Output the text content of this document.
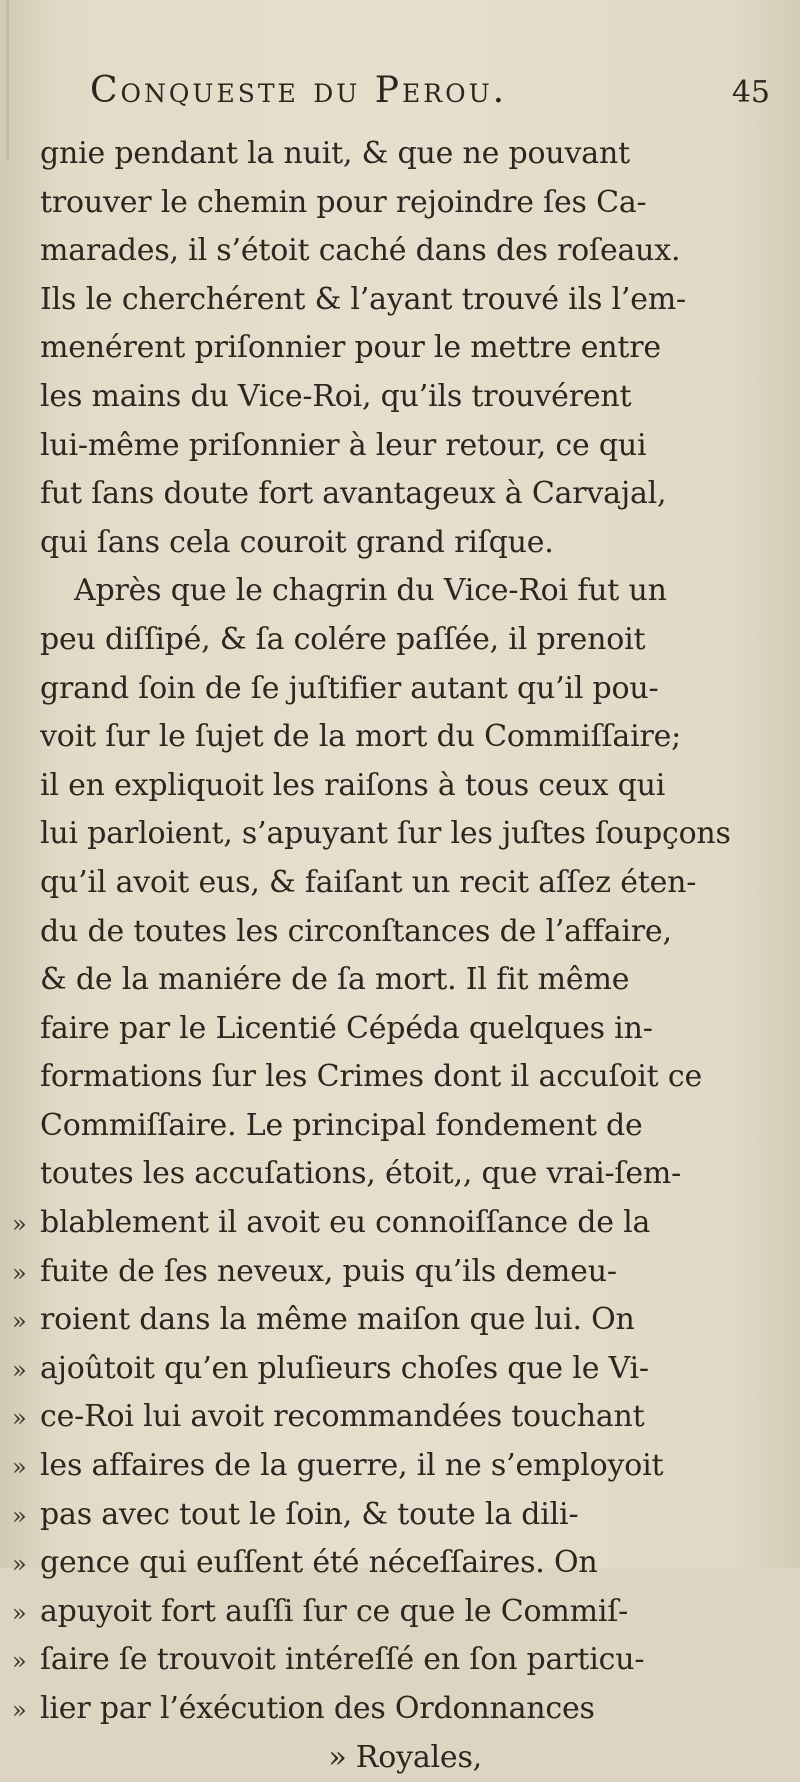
Conqueste du Perou.	45
gnie pendant la nuit, & que ne pouvant
trouver le chemin pour rejoindre ſes Ca-
marades, il s’étoit caché dans des roſeaux.
Ils le cherchérent & l’ayant trouvé ils l’em-
menérent priſonnier pour le mettre entre
les mains du Vice-Roi, qu’ils trouvérent
lui-même priſonnier à leur retour, ce qui
fut ſans doute fort avantageux à Carvajal,
qui ſans cela couroit grand riſque.
Après que le chagrin du Vice-Roi fut un
peu diſſipé, & ſa colére paſſée, il prenoit
grand ſoin de ſe juſtifier autant qu’il pou-
voit ſur le ſujet de la mort du Commiſſaire;
il en expliquoit les raiſons à tous ceux qui
lui parloient, s’apuyant ſur les juſtes ſoupçons
qu’il avoit eus, & faiſant un recit aſſez éten-
du de toutes les circonſtances de l’affaire,
& de la maniére de ſa mort. Il fit même
faire par le Licentié Cépéda quelques in-
formations ſur les Crimes dont il accuſoit ce
Commiſſaire. Le principal fondement de
toutes les accuſations, étoit,, que vrai-ſem-
» blablement il avoit eu connoiſſance de la
» fuite de ſes neveux, puis qu’ils demeu-
» roient dans la même maiſon que lui. On
» ajoûtoit qu’en pluſieurs choſes que le Vi-
» ce-Roi lui avoit recommandées touchant
» les affaires de la guerre, il ne s’employoit
» pas avec tout le ſoin, & toute la dili-
» gence qui euſſent été néceſſaires. On
» apuyoit fort auſſi ſur ce que le Commiſ-
» ſaire ſe trouvoit intéreſſé en ſon particu-
» lier par l’éxécution des Ordonnances
» Royales,
